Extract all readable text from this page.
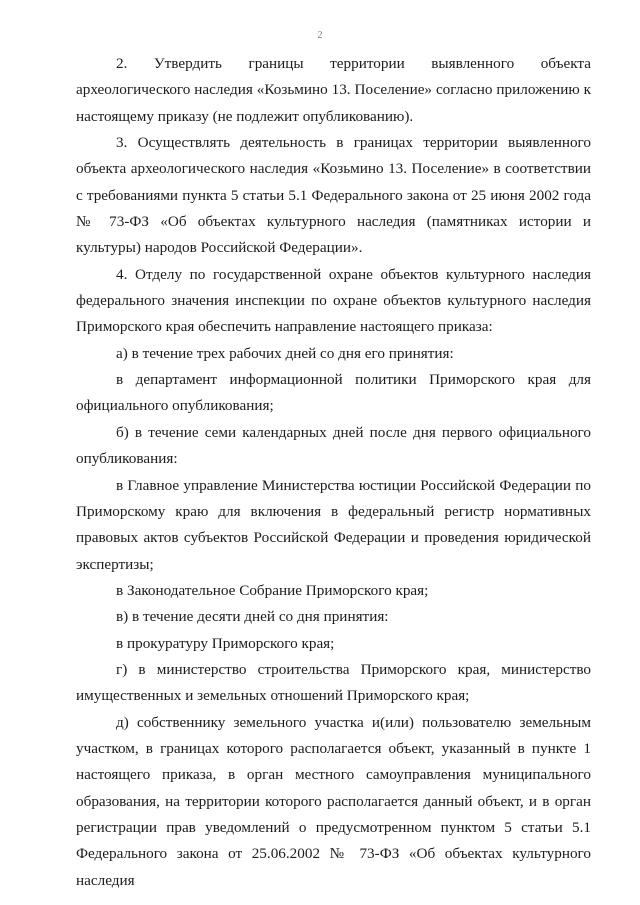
2

2. Утвердить границы территории выявленного объекта археологического наследия «Козьмино 13. Поселение» согласно приложению к настоящему приказу (не подлежит опубликованию).

3. Осуществлять деятельность в границах территории выявленного объекта археологического наследия «Козьмино 13. Поселение» в соответствии с требованиями пункта 5 статьи 5.1 Федерального закона от 25 июня 2002 года № 73-ФЗ «Об объектах культурного наследия (памятниках истории и культуры) народов Российской Федерации».

4. Отделу по государственной охране объектов культурного наследия федерального значения инспекции по охране объектов культурного наследия Приморского края обеспечить направление настоящего приказа:

а) в течение трех рабочих дней со дня его принятия:

в департамент информационной политики Приморского края для официального опубликования;

б) в течение семи календарных дней после дня первого официального опубликования:

в Главное управление Министерства юстиции Российской Федерации по Приморскому краю для включения в федеральный регистр нормативных правовых актов субъектов Российской Федерации и проведения юридической экспертизы;

в Законодательное Собрание Приморского края;

в) в течение десяти дней со дня принятия:

в прокуратуру Приморского края;

г) в министерство строительства Приморского края, министерство имущественных и земельных отношений Приморского края;

д) собственнику земельного участка и(или) пользователю земельным участком, в границах которого располагается объект, указанный в пункте 1 настоящего приказа, в орган местного самоуправления муниципального образования, на территории которого располагается данный объект, и в орган регистрации прав уведомлений о предусмотренном пунктом 5 статьи 5.1 Федерального закона от 25.06.2002 № 73-ФЗ «Об объектах культурного наследия
